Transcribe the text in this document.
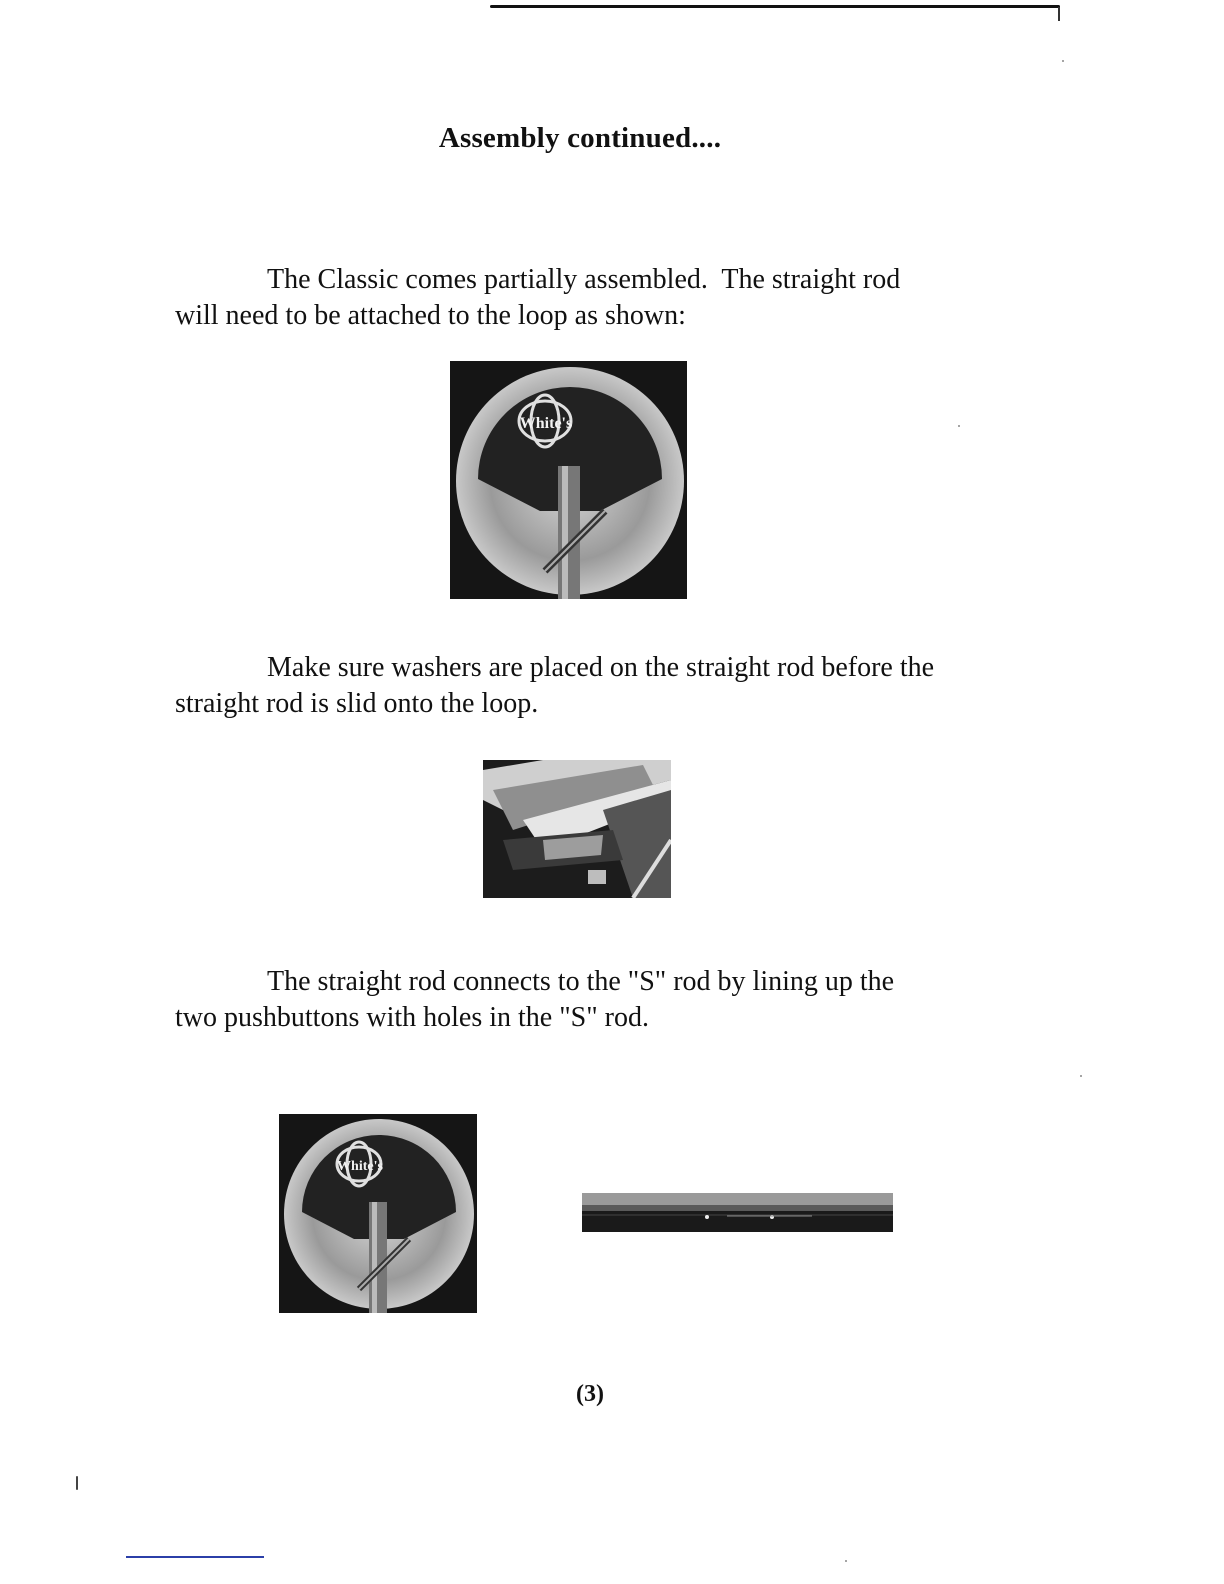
Assembly continued....
The Classic comes partially assembled.  The straight rod
will need to be attached to the loop as shown:
White's
Make sure washers are placed on the straight rod before the
straight rod is slid onto the loop.
The straight rod connects to the "S" rod by lining up the
two pushbuttons with holes in the "S" rod.
White's
(3)
